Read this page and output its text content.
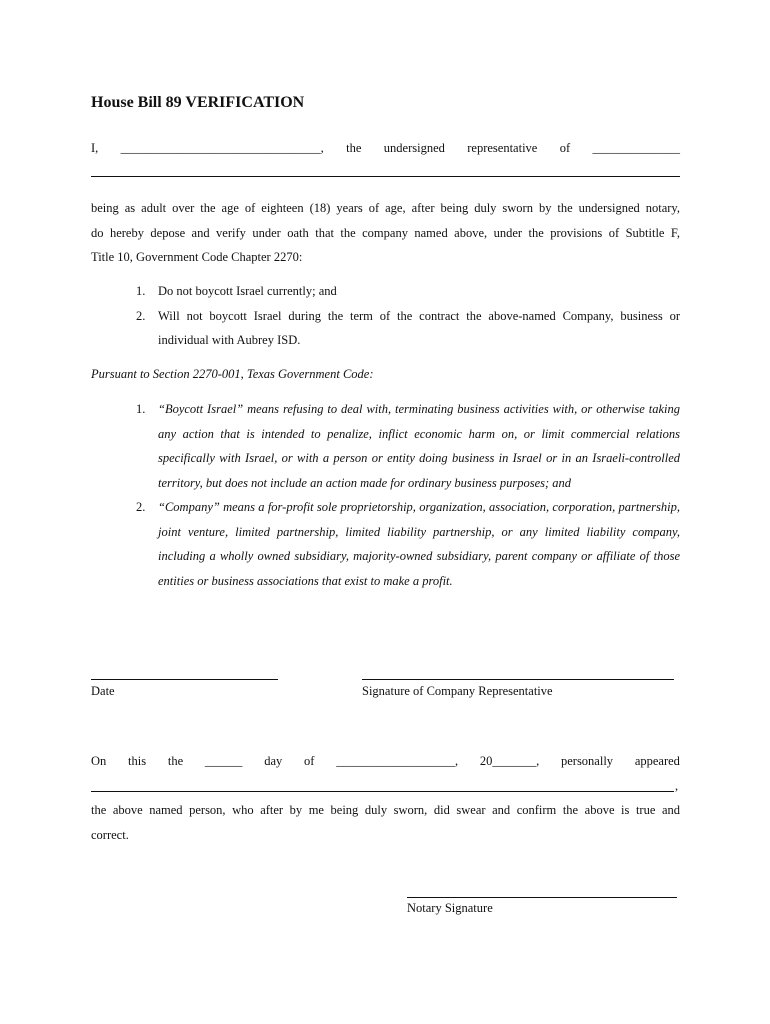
House Bill 89 VERIFICATION
I, ________________________________, the undersigned representative of ______________

being as adult over the age of eighteen (18) years of age, after being duly sworn by the undersigned notary,

do hereby depose and verify under oath that the company named above, under the provisions of Subtitle F,

Title 10, Government Code Chapter 2270:

1. Do not boycott Israel currently; and
2. Will not boycott Israel during the term of the contract the above-named Company, business or individual with Aubrey ISD.
Pursuant to Section 2270-001, Texas Government Code:
1. “Boycott Israel” means refusing to deal with, terminating business activities with, or otherwise taking any action that is intended to penalize, inflict economic harm on, or limit commercial relations specifically with Israel, or with a person or entity doing business in Israel or in an Israeli-controlled territory, but does not include an action made for ordinary business purposes; and
2. “Company” means a for-profit sole proprietorship, organization, association, corporation, partnership, joint venture, limited partnership, limited liability partnership, or any limited liability company, including a wholly owned subsidiary, majority-owned subsidiary, parent company or affiliate of those entities or business associations that exist to make a profit.
Date	Signature of Company Representative
On this the ______ day of ___________________, 20_______, personally appeared
,
the above named person, who after by me being duly sworn, did swear and confirm the above is true and
correct.
Notary Signature
